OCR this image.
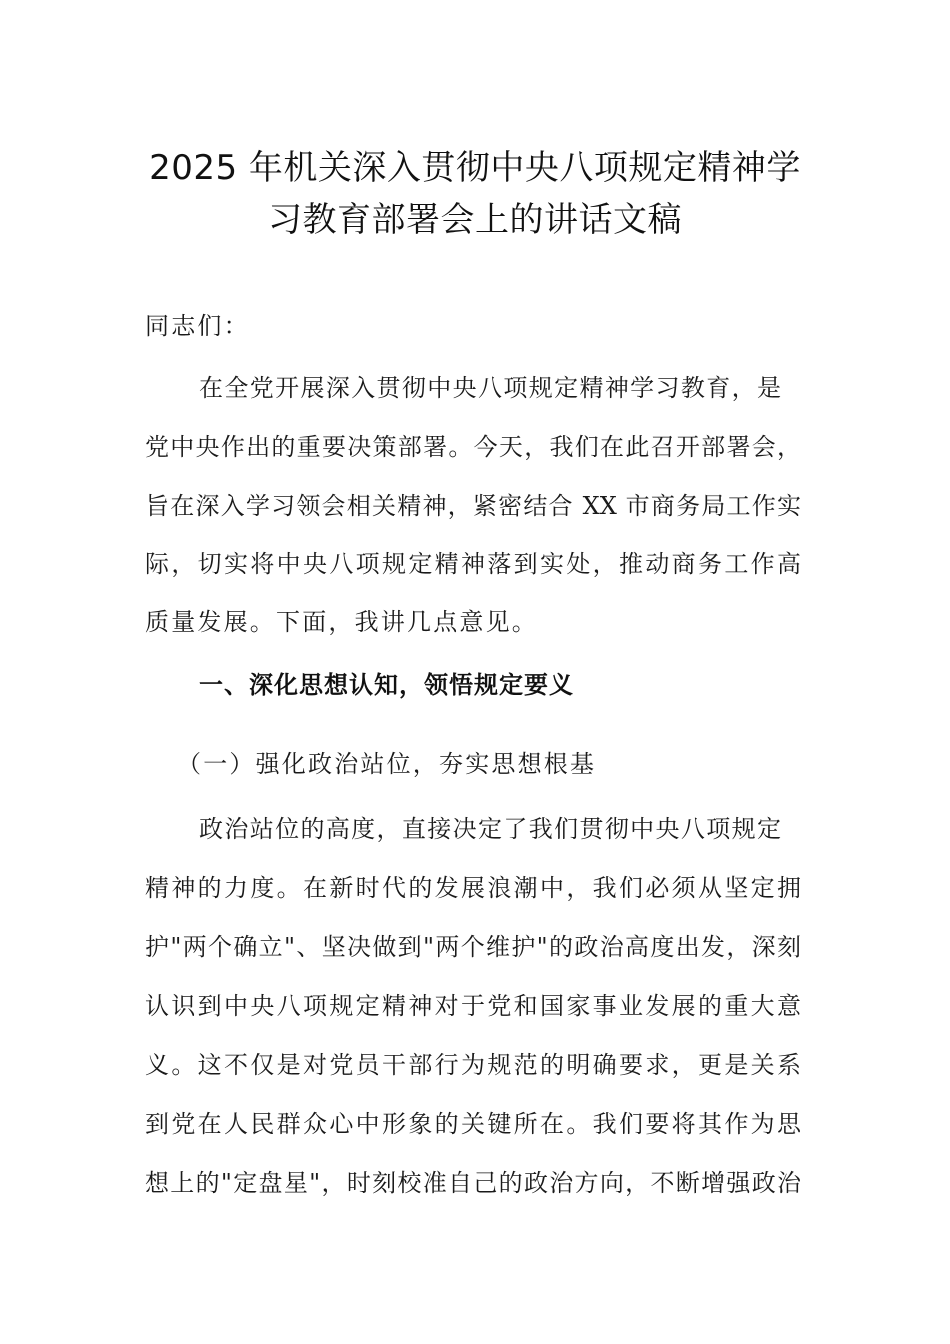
2025 年机关深入贯彻中央八项规定精神学
习教育部署会上的讲话文稿
同志们：
在全党开展深入贯彻中央八项规定精神学习教育，是
党中央作出的重要决策部署。今天，我们在此召开部署会，
旨在深入学习领会相关精神，紧密结合 XX 市商务局工作实
际，切实将中央八项规定精神落到实处，推动商务工作高
质量发展。下面，我讲几点意见。
一、深化思想认知，领悟规定要义
（一）强化政治站位，夯实思想根基
政治站位的高度，直接决定了我们贯彻中央八项规定
精神的力度。在新时代的发展浪潮中，我们必须从坚定拥
护"两个确立"、坚决做到"两个维护"的政治高度出发，深刻
认识到中央八项规定精神对于党和国家事业发展的重大意
义。这不仅是对党员干部行为规范的明确要求，更是关系
到党在人民群众心中形象的关键所在。我们要将其作为思
想上的"定盘星"，时刻校准自己的政治方向，不断增强政治
